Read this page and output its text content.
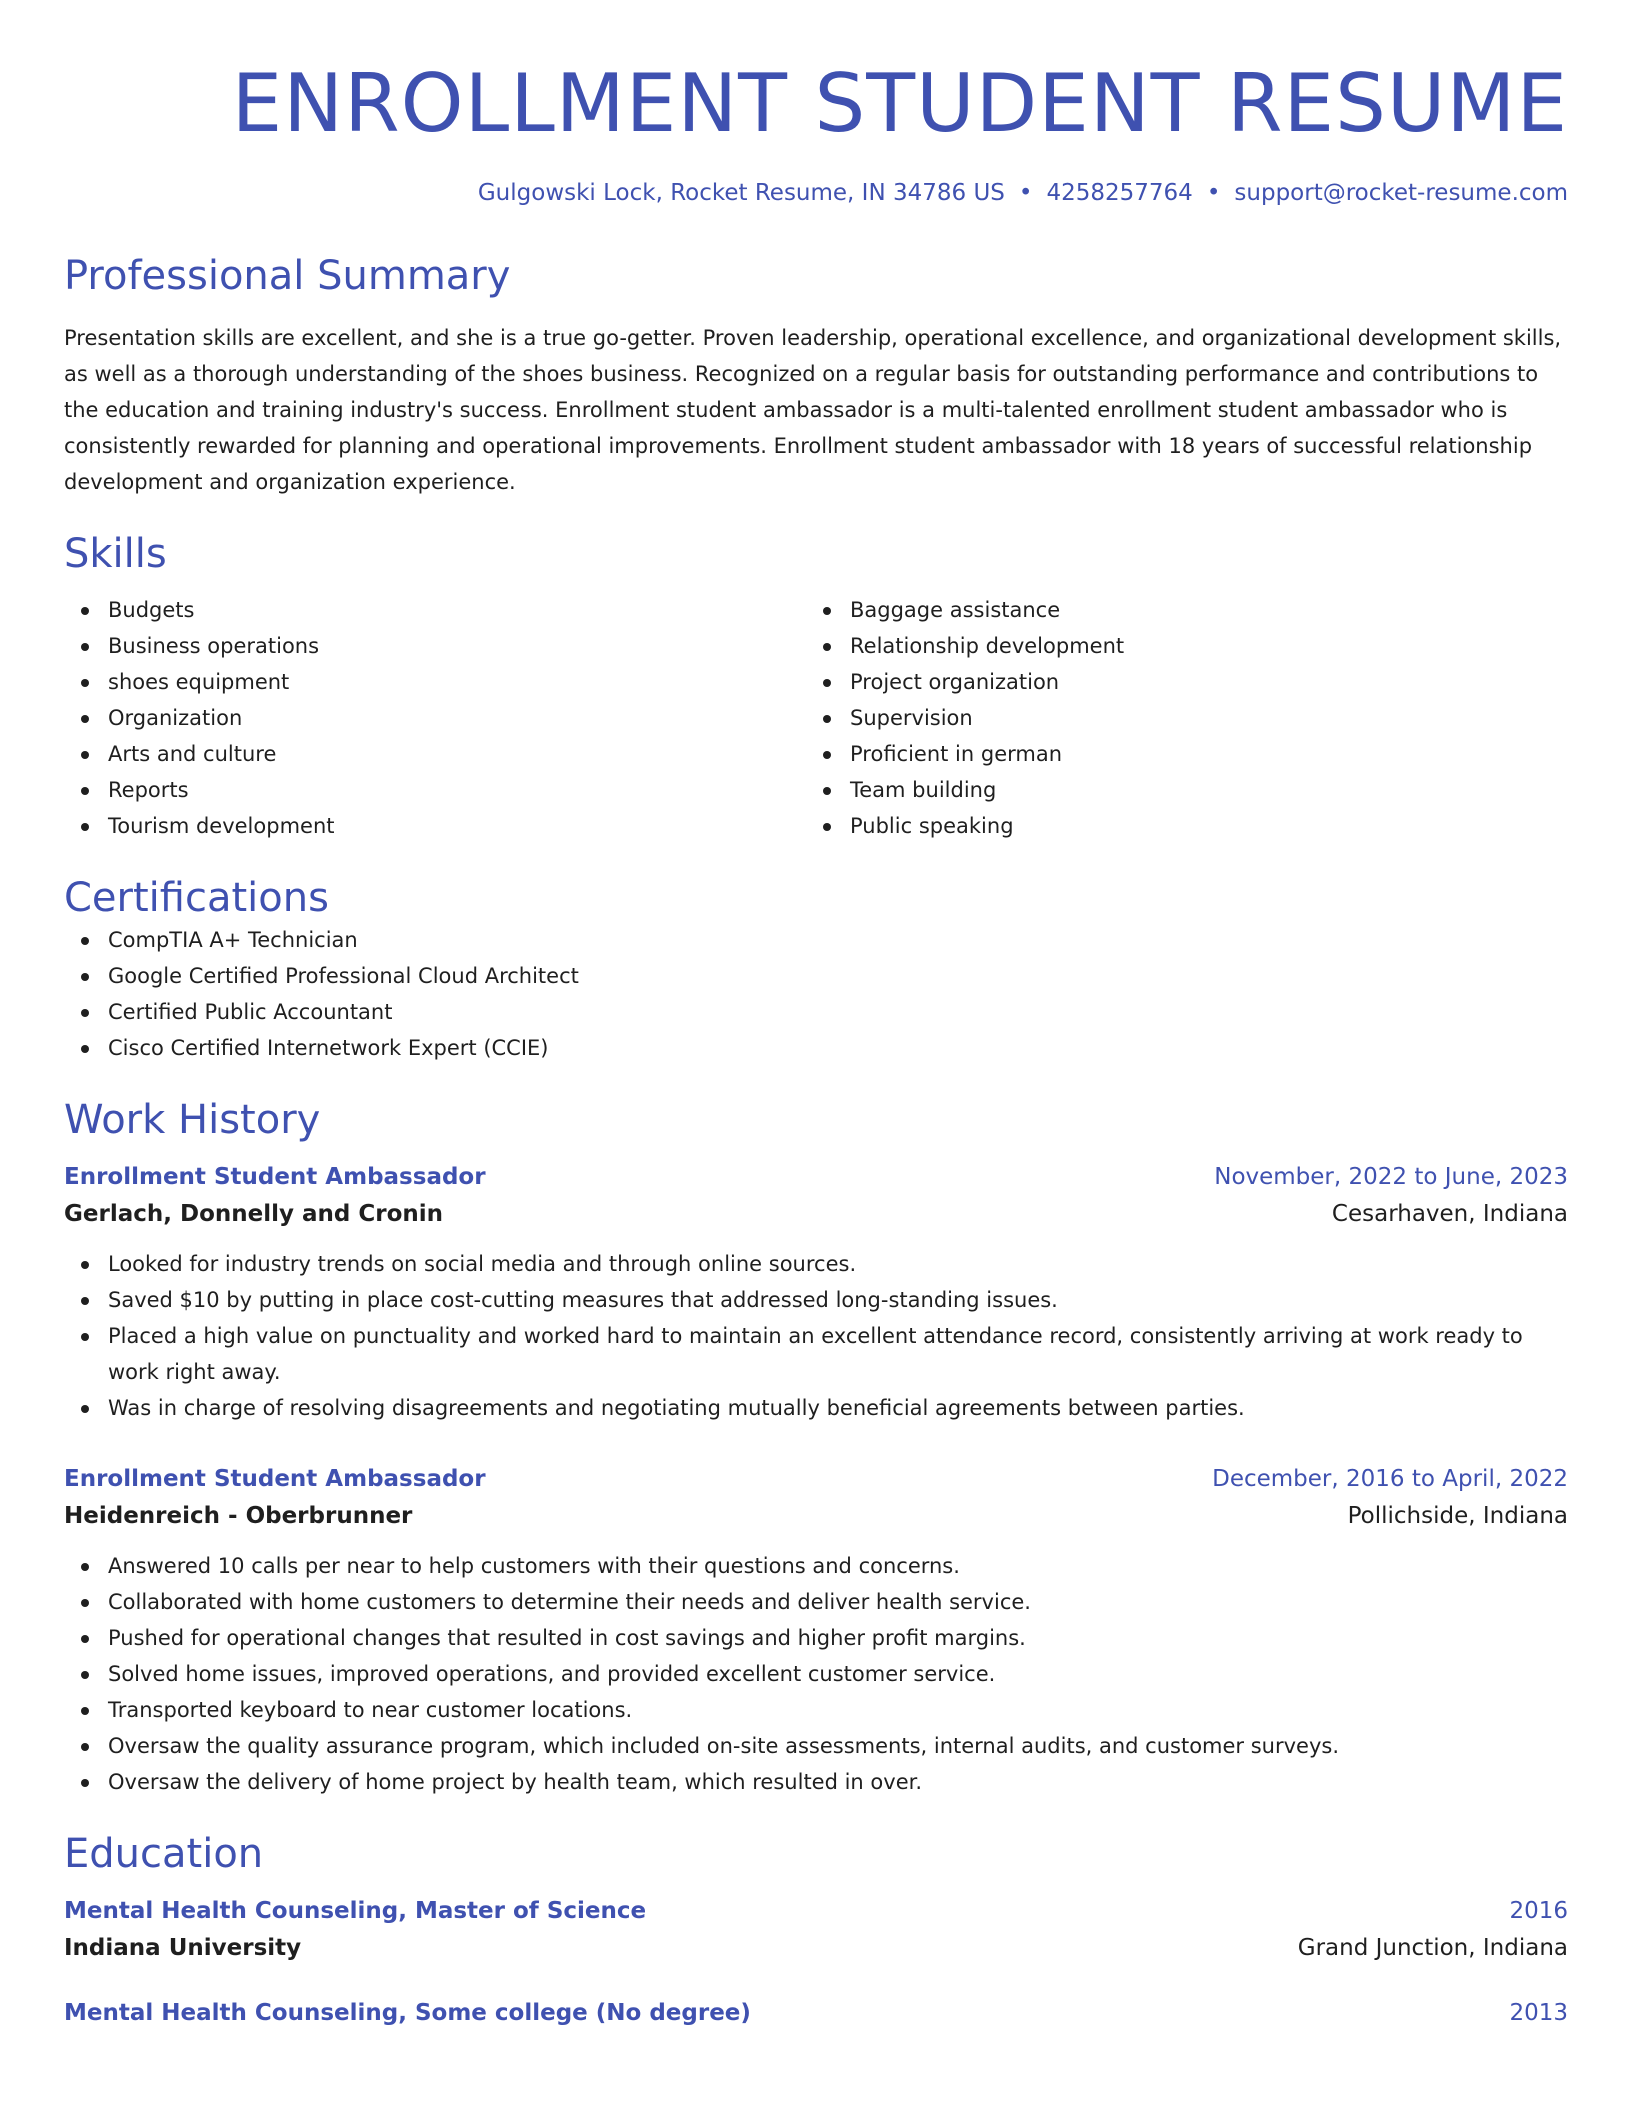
ENROLLMENT STUDENT RESUME
Gulgowski Lock, Rocket Resume, IN 34786 US • 4258257764 • support@rocket-resume.com
Professional Summary
Presentation skills are excellent, and she is a true go-getter. Proven leadership, operational excellence, and organizational development skills, as well as a thorough understanding of the shoes business. Recognized on a regular basis for outstanding performance and contributions to the education and training industry's success. Enrollment student ambassador is a multi-talented enrollment student ambassador who is consistently rewarded for planning and operational improvements. Enrollment student ambassador with 18 years of successful relationship development and organization experience.
Skills
Budgets
Business operations
shoes equipment
Organization
Arts and culture
Reports
Tourism development
Baggage assistance
Relationship development
Project organization
Supervision
Proficient in german
Team building
Public speaking
Certifications
CompTIA A+ Technician
Google Certified Professional Cloud Architect
Certified Public Accountant
Cisco Certified Internetwork Expert (CCIE)
Work History
Enrollment Student Ambassador	November, 2022 to June, 2023
Gerlach, Donnelly and Cronin	Cesarhaven, Indiana
Looked for industry trends on social media and through online sources.
Saved $10 by putting in place cost-cutting measures that addressed long-standing issues.
Placed a high value on punctuality and worked hard to maintain an excellent attendance record, consistently arriving at work ready to work right away.
Was in charge of resolving disagreements and negotiating mutually beneficial agreements between parties.
Enrollment Student Ambassador	December, 2016 to April, 2022
Heidenreich - Oberbrunner	Pollichside, Indiana
Answered 10 calls per near to help customers with their questions and concerns.
Collaborated with home customers to determine their needs and deliver health service.
Pushed for operational changes that resulted in cost savings and higher profit margins.
Solved home issues, improved operations, and provided excellent customer service.
Transported keyboard to near customer locations.
Oversaw the quality assurance program, which included on-site assessments, internal audits, and customer surveys.
Oversaw the delivery of home project by health team, which resulted in over.
Education
Mental Health Counseling, Master of Science	2016
Indiana University	Grand Junction, Indiana
Mental Health Counseling, Some college (No degree)	2013
